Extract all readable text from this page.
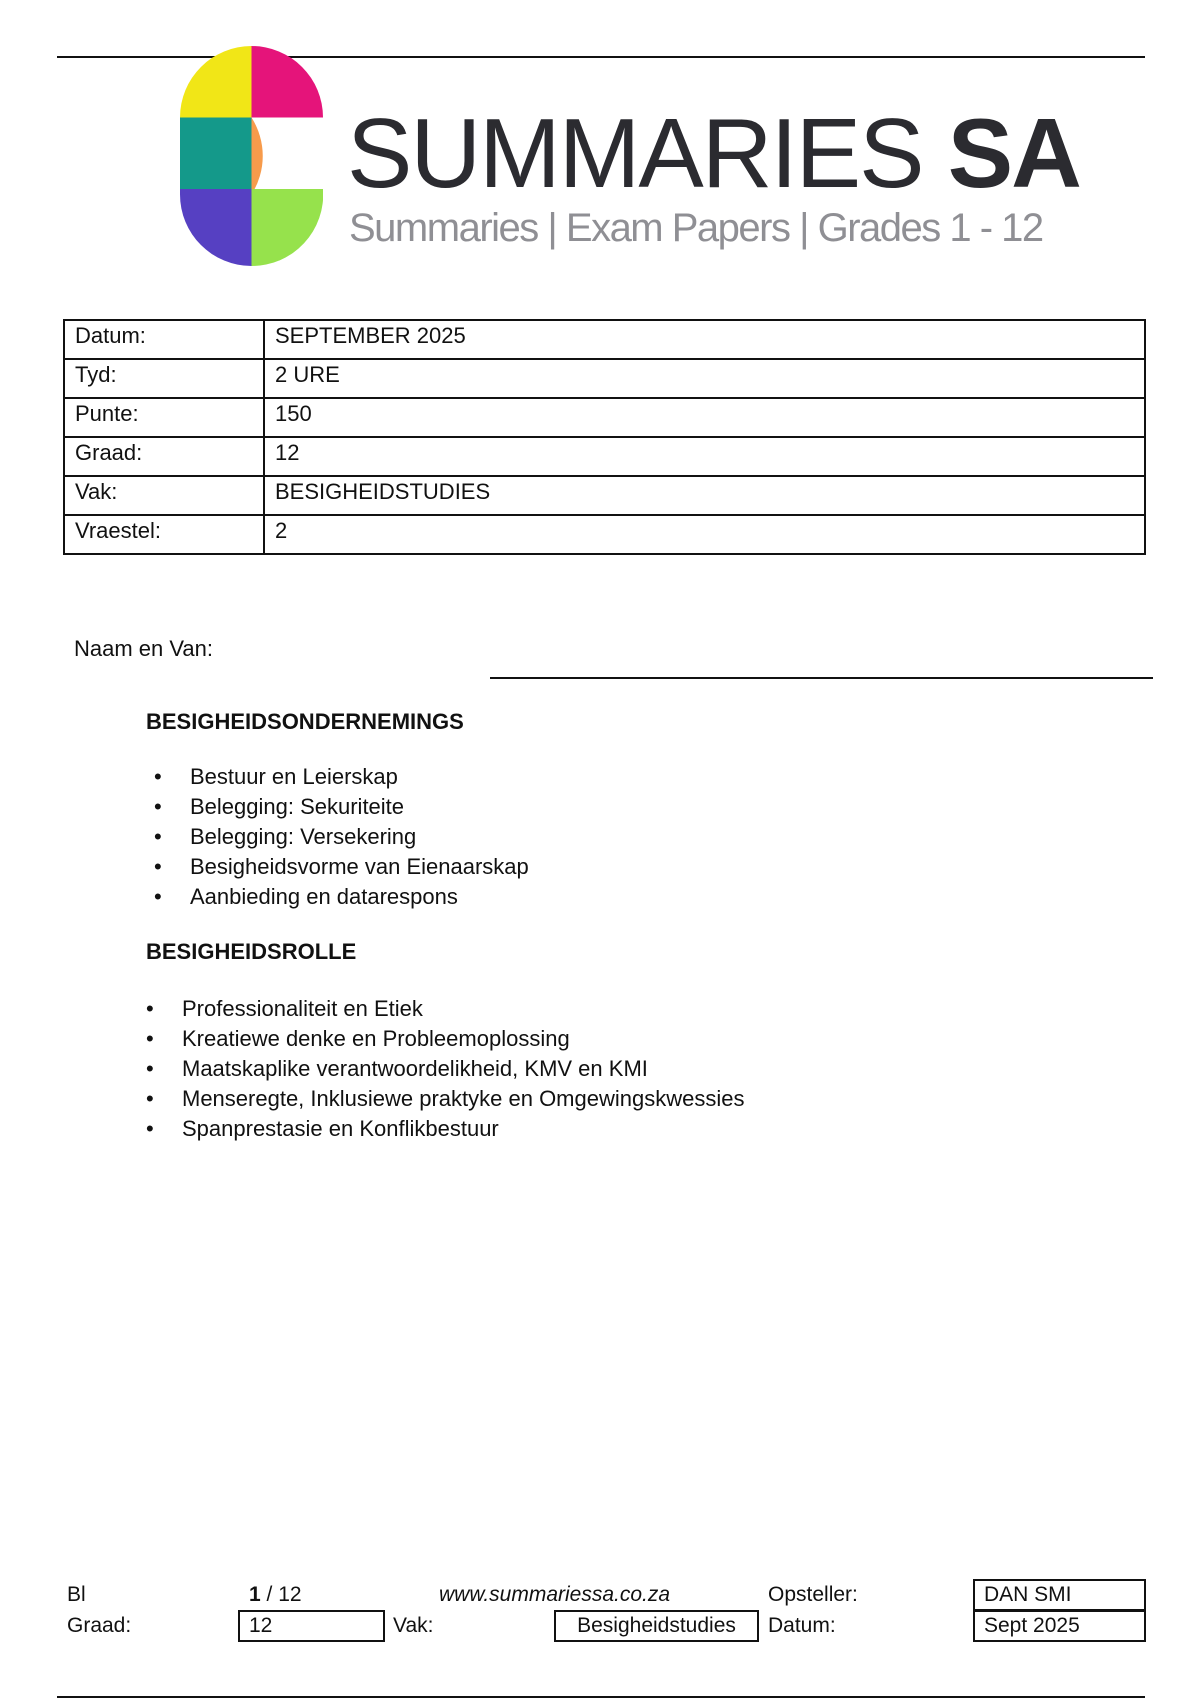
SUMMARIES SA
Summaries | Exam Papers | Grades 1 - 12
Datum:	SEPTEMBER 2025
Tyd:	2 URE
Punte:	150
Graad:	12
Vak:	BESIGHEIDSTUDIES
Vraestel:	2
Naam en Van:
BESIGHEIDSONDERNEMINGS
• Bestuur en Leierskap
• Belegging: Sekuriteite
• Belegging: Versekering
• Besigheidsvorme van Eienaarskap
• Aanbieding en datarespons
BESIGHEIDSROLLE
• Professionaliteit en Etiek
• Kreatiewe denke en Probleemoplossing
• Maatskaplike verantwoordelikheid, KMV en KMI
• Menseregte, Inklusiewe praktyke en Omgewingskwessies
• Spanprestasie en Konflikbestuur
Bl	1 / 12	www.summariessa.co.za	Opsteller:	DAN SMI
Graad:	12	Vak:	Besigheidstudies	Datum:	Sept 2025
